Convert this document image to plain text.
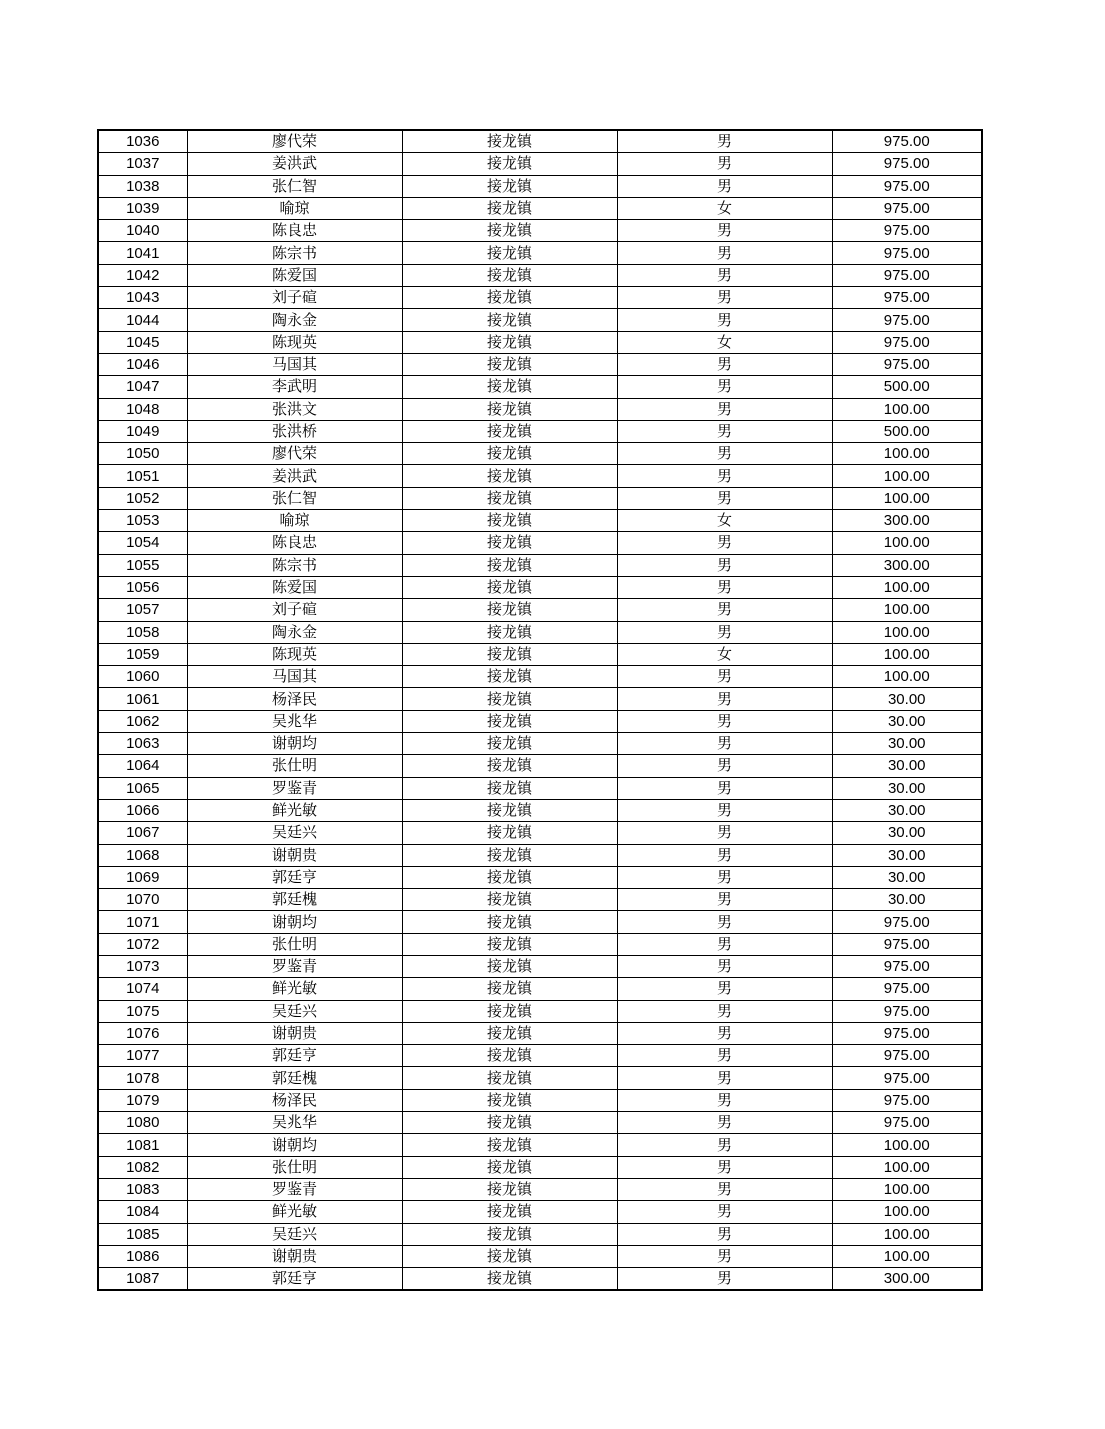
1036	廖代荣	接龙镇	男	975.00
1037	姜洪武	接龙镇	男	975.00
1038	张仁智	接龙镇	男	975.00
1039	喻琼	接龙镇	女	975.00
1040	陈良忠	接龙镇	男	975.00
1041	陈宗书	接龙镇	男	975.00
1042	陈爱国	接龙镇	男	975.00
1043	刘子碹	接龙镇	男	975.00
1044	陶永金	接龙镇	男	975.00
1045	陈现英	接龙镇	女	975.00
1046	马国其	接龙镇	男	975.00
1047	李武明	接龙镇	男	500.00
1048	张洪文	接龙镇	男	100.00
1049	张洪桥	接龙镇	男	500.00
1050	廖代荣	接龙镇	男	100.00
1051	姜洪武	接龙镇	男	100.00
1052	张仁智	接龙镇	男	100.00
1053	喻琼	接龙镇	女	300.00
1054	陈良忠	接龙镇	男	100.00
1055	陈宗书	接龙镇	男	300.00
1056	陈爱国	接龙镇	男	100.00
1057	刘子碹	接龙镇	男	100.00
1058	陶永金	接龙镇	男	100.00
1059	陈现英	接龙镇	女	100.00
1060	马国其	接龙镇	男	100.00
1061	杨泽民	接龙镇	男	30.00
1062	吴兆华	接龙镇	男	30.00
1063	谢朝均	接龙镇	男	30.00
1064	张仕明	接龙镇	男	30.00
1065	罗鉴青	接龙镇	男	30.00
1066	鲜光敏	接龙镇	男	30.00
1067	吴廷兴	接龙镇	男	30.00
1068	谢朝贵	接龙镇	男	30.00
1069	郭廷亨	接龙镇	男	30.00
1070	郭廷槐	接龙镇	男	30.00
1071	谢朝均	接龙镇	男	975.00
1072	张仕明	接龙镇	男	975.00
1073	罗鉴青	接龙镇	男	975.00
1074	鲜光敏	接龙镇	男	975.00
1075	吴廷兴	接龙镇	男	975.00
1076	谢朝贵	接龙镇	男	975.00
1077	郭廷亨	接龙镇	男	975.00
1078	郭廷槐	接龙镇	男	975.00
1079	杨泽民	接龙镇	男	975.00
1080	吴兆华	接龙镇	男	975.00
1081	谢朝均	接龙镇	男	100.00
1082	张仕明	接龙镇	男	100.00
1083	罗鉴青	接龙镇	男	100.00
1084	鲜光敏	接龙镇	男	100.00
1085	吴廷兴	接龙镇	男	100.00
1086	谢朝贵	接龙镇	男	100.00
1087	郭廷亨	接龙镇	男	300.00
